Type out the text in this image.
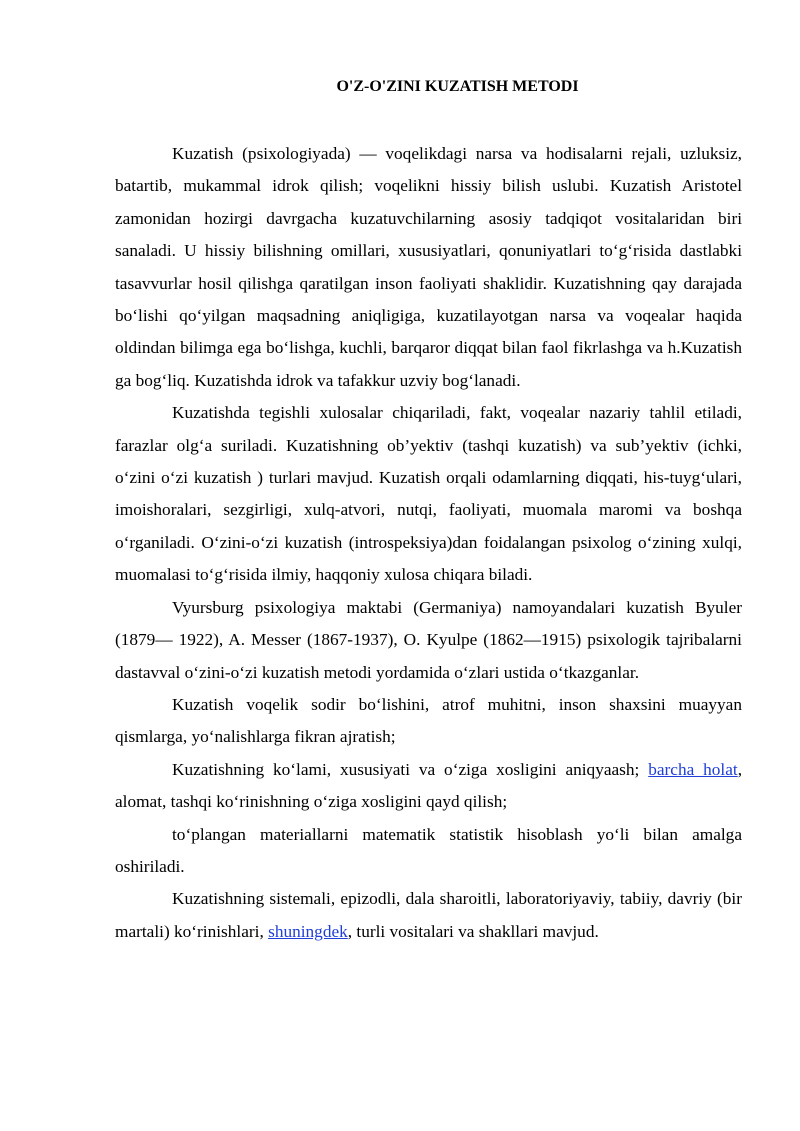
O'Z-O'ZINI KUZATISH METODI

Kuzatish (psixologiyada) — voqelikdagi narsa va hodisalarni rejali, uzluksiz, batartib, mukammal idrok qilish; voqelikni hissiy bilish uslubi. Kuzatish Aristotel zamonidan hozirgi davrgacha kuzatuvchilarning asosiy tadqiqot vositalaridan biri sanaladi. U hissiy bilishning omillari, xususiyatlari, qonuniyatlari to‘g‘risida dastlabki tasavvurlar hosil qilishga qaratilgan inson faoliyati shaklidir. Kuzatishning qay darajada bo‘lishi qo‘yilgan maqsadning aniqligiga, kuzatilayotgan narsa va voqealar haqida oldindan bilimga ega bo‘lishga, kuchli, barqaror diqqat bilan faol fikrlashga va h.Kuzatish ga bog‘liq. Kuzatishda idrok va tafakkur uzviy bog‘lanadi.

Kuzatishda tegishli xulosalar chiqariladi, fakt, voqealar nazariy tahlil etiladi, farazlar olg‘a suriladi. Kuzatishning ob’yektiv (tashqi kuzatish) va sub’yektiv (ichki, o‘zini o‘zi kuzatish ) turlari mavjud. Kuzatish orqali odamlarning diqqati, his-tuyg‘ulari, imoishoralari, sezgirligi, xulq-atvori, nutqi, faoliyati, muomala maromi va boshqa o‘rganiladi. O‘zini-o‘zi kuzatish (introspeksiya)dan foidalangan psixolog o‘zining xulqi, muomalasi to‘g‘risida ilmiy, haqqoniy xulosa chiqara biladi.

Vyursburg psixologiya maktabi (Germaniya) namoyandalari kuzatish Byuler (1879— 1922), A. Messer (1867-1937), O. Kyulpe (1862—1915) psixologik tajribalarni dastavval o‘zini-o‘zi kuzatish metodi yordamida o‘zlari ustida o‘tkazganlar.

Kuzatish voqelik sodir bo‘lishini, atrof muhitni, inson shaxsini muayyan qismlarga, yo‘nalishlarga fikran ajratish;

Kuzatishning ko‘lami, xususiyati va o‘ziga xosligini aniqyaash; barcha holat, alomat, tashqi ko‘rinishning o‘ziga xosligini qayd qilish;

to‘plangan materiallarni matematik statistik hisoblash yo‘li bilan amalga oshiriladi.

Kuzatishning sistemali, epizodli, dala sharoitli, laboratoriyaviy, tabiiy, davriy (bir martali) ko‘rinishlari, shuningdek, turli vositalari va shakllari mavjud.
